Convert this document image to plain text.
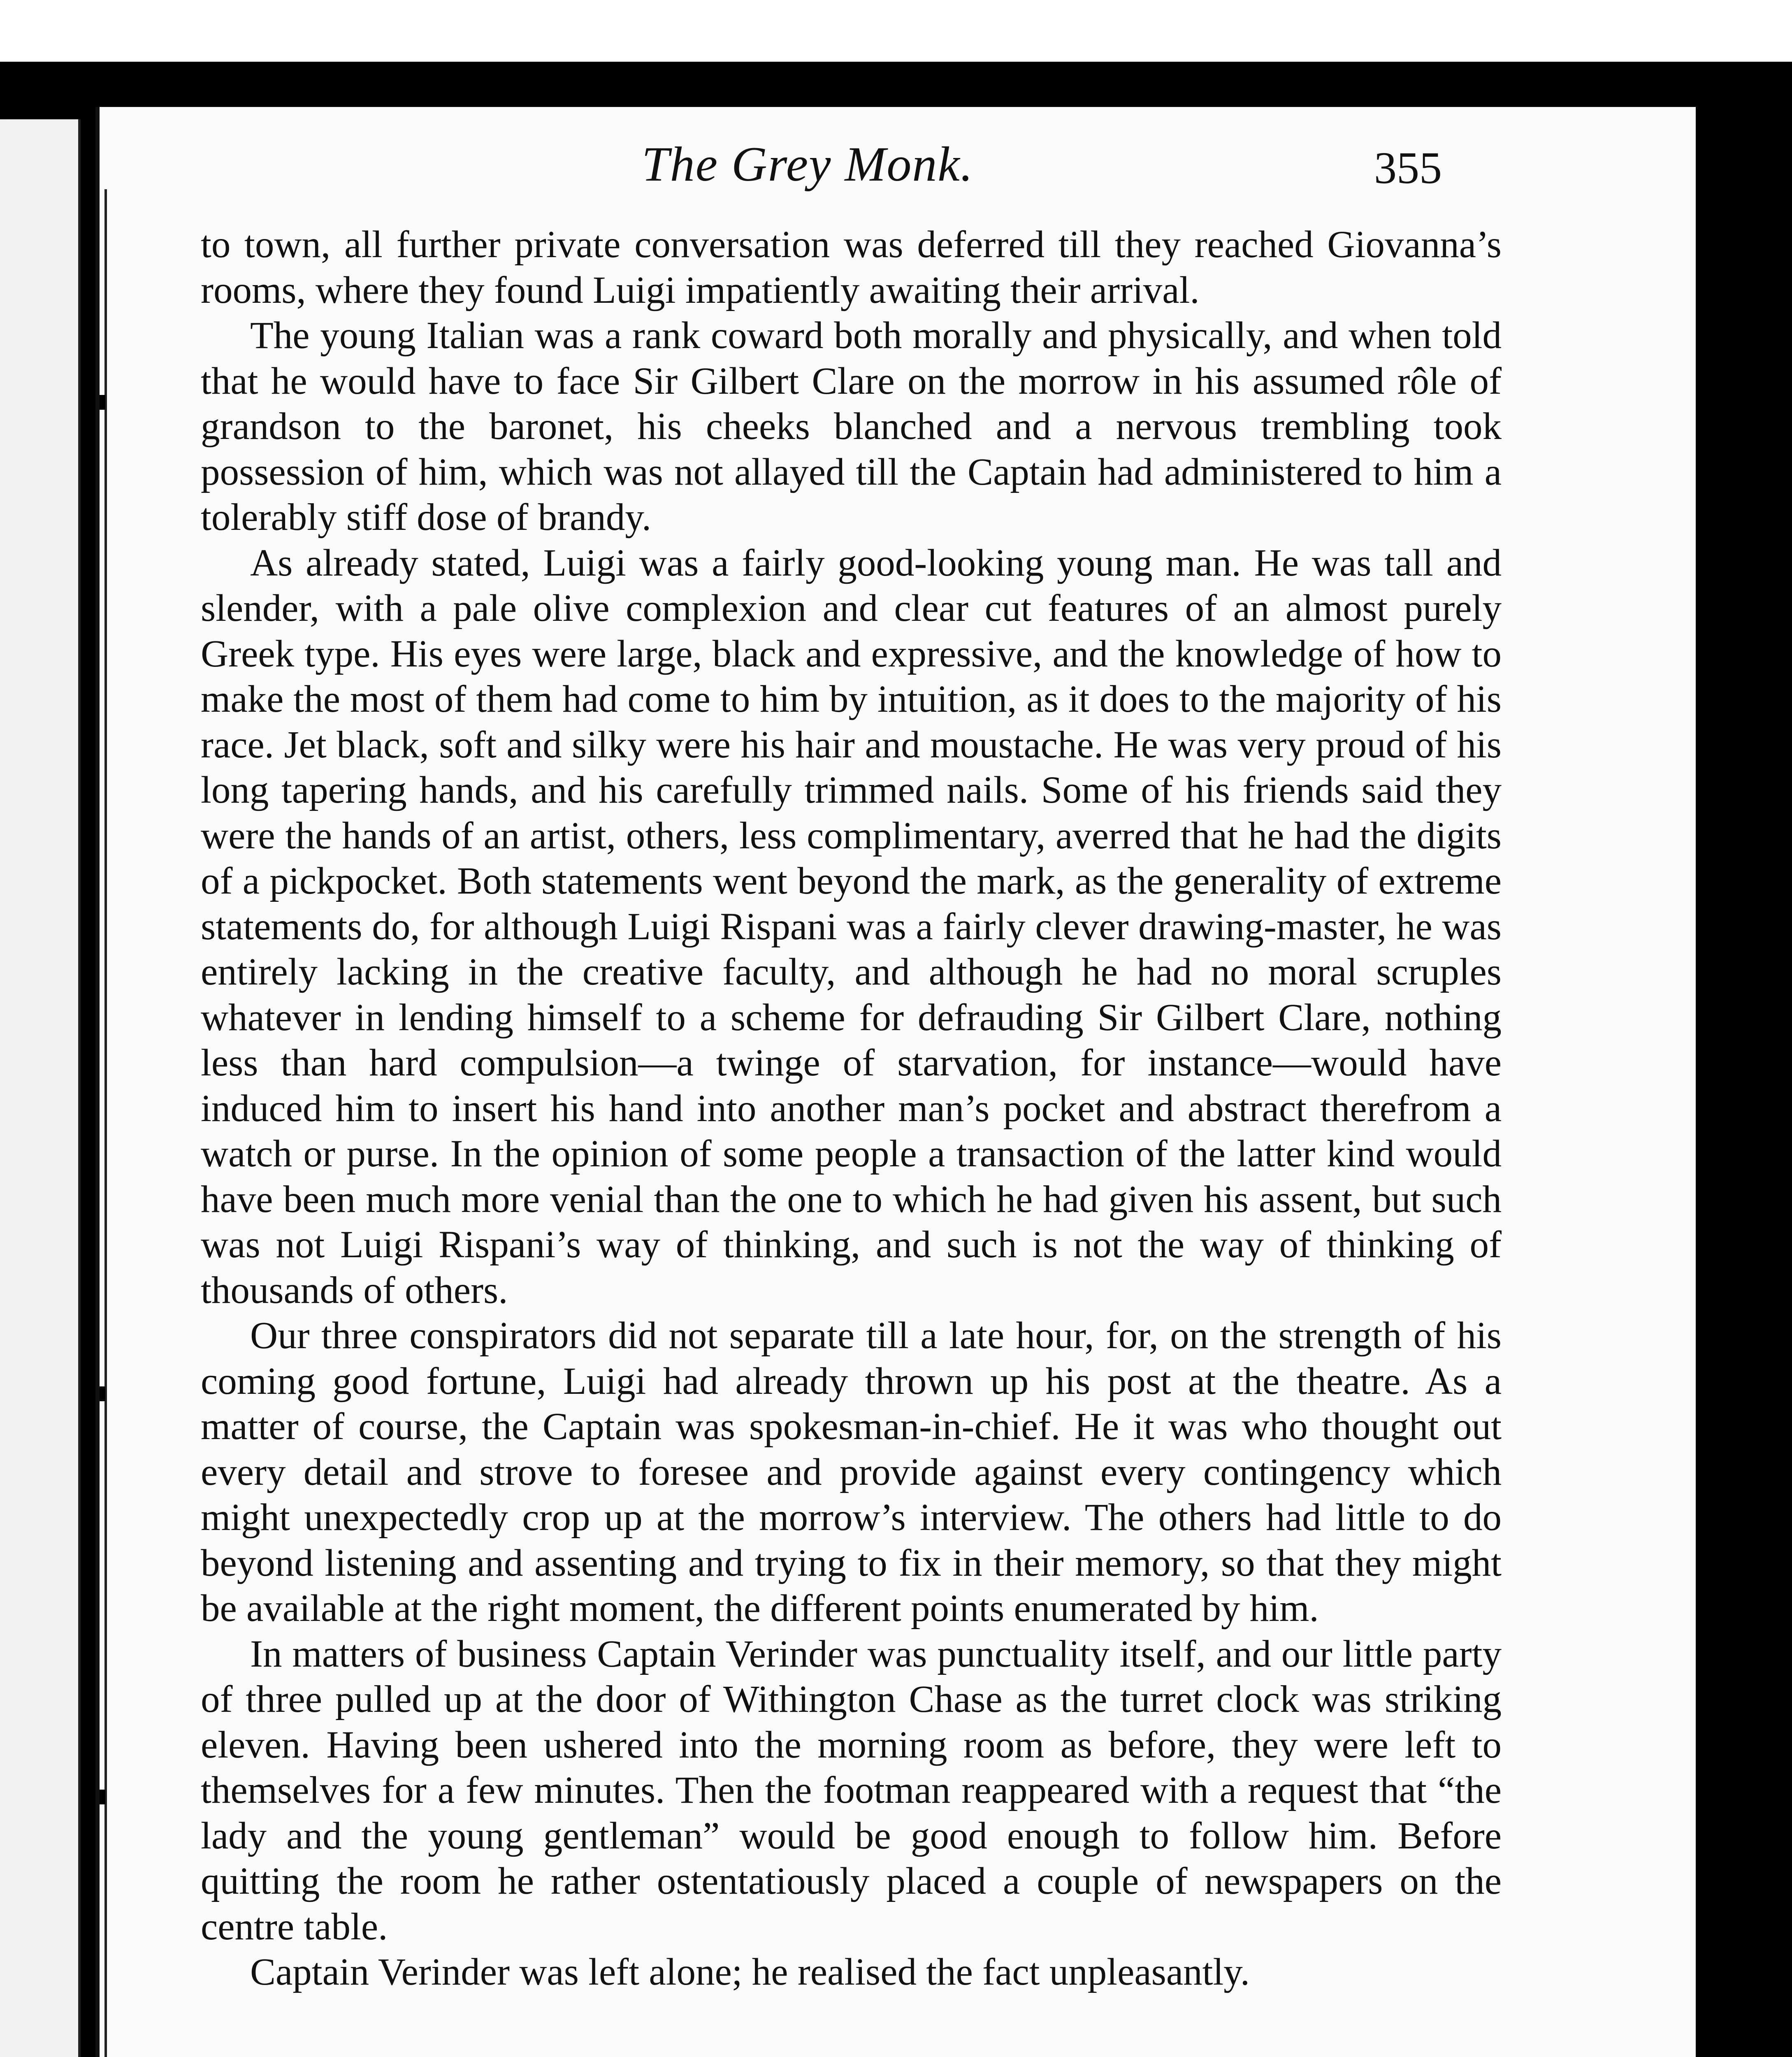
The Grey Monk.	355

to town, all further private conversation was deferred till they reached Giovanna’s rooms, where they found Luigi impatiently awaiting their arrival.

The young Italian was a rank coward both morally and physically, and when told that he would have to face Sir Gilbert Clare on the morrow in his assumed rôle of grandson to the baronet, his cheeks blanched and a nervous trembling took possession of him, which was not allayed till the Captain had administered to him a tolerably stiff dose of brandy.

As already stated, Luigi was a fairly good-looking young man. He was tall and slender, with a pale olive complexion and clear cut features of an almost purely Greek type. His eyes were large, black and expressive, and the knowledge of how to make the most of them had come to him by intuition, as it does to the majority of his race. Jet black, soft and silky were his hair and moustache. He was very proud of his long tapering hands, and his carefully trimmed nails. Some of his friends said they were the hands of an artist, others, less complimentary, averred that he had the digits of a pickpocket. Both statements went beyond the mark, as the generality of extreme statements do, for although Luigi Rispani was a fairly clever drawing-master, he was entirely lacking in the creative faculty, and although he had no moral scruples whatever in lending himself to a scheme for defrauding Sir Gilbert Clare, nothing less than hard compulsion—a twinge of starvation, for instance—would have induced him to insert his hand into another man’s pocket and abstract therefrom a watch or purse. In the opinion of some people a transaction of the latter kind would have been much more venial than the one to which he had given his assent, but such was not Luigi Rispani’s way of thinking, and such is not the way of thinking of thousands of others.

Our three conspirators did not separate till a late hour, for, on the strength of his coming good fortune, Luigi had already thrown up his post at the theatre. As a matter of course, the Captain was spokesman-in-chief. He it was who thought out every detail and strove to foresee and provide against every contingency which might unexpectedly crop up at the morrow’s interview. The others had little to do beyond listening and assenting and trying to fix in their memory, so that they might be available at the right moment, the different points enumerated by him.

In matters of business Captain Verinder was punctuality itself, and our little party of three pulled up at the door of Withington Chase as the turret clock was striking eleven. Having been ushered into the morning room as before, they were left to themselves for a few minutes. Then the footman reappeared with a request that “the lady and the young gentleman” would be good enough to follow him. Before quitting the room he rather ostentatiously placed a couple of newspapers on the centre table.

Captain Verinder was left alone; he realised the fact unpleasantly.
